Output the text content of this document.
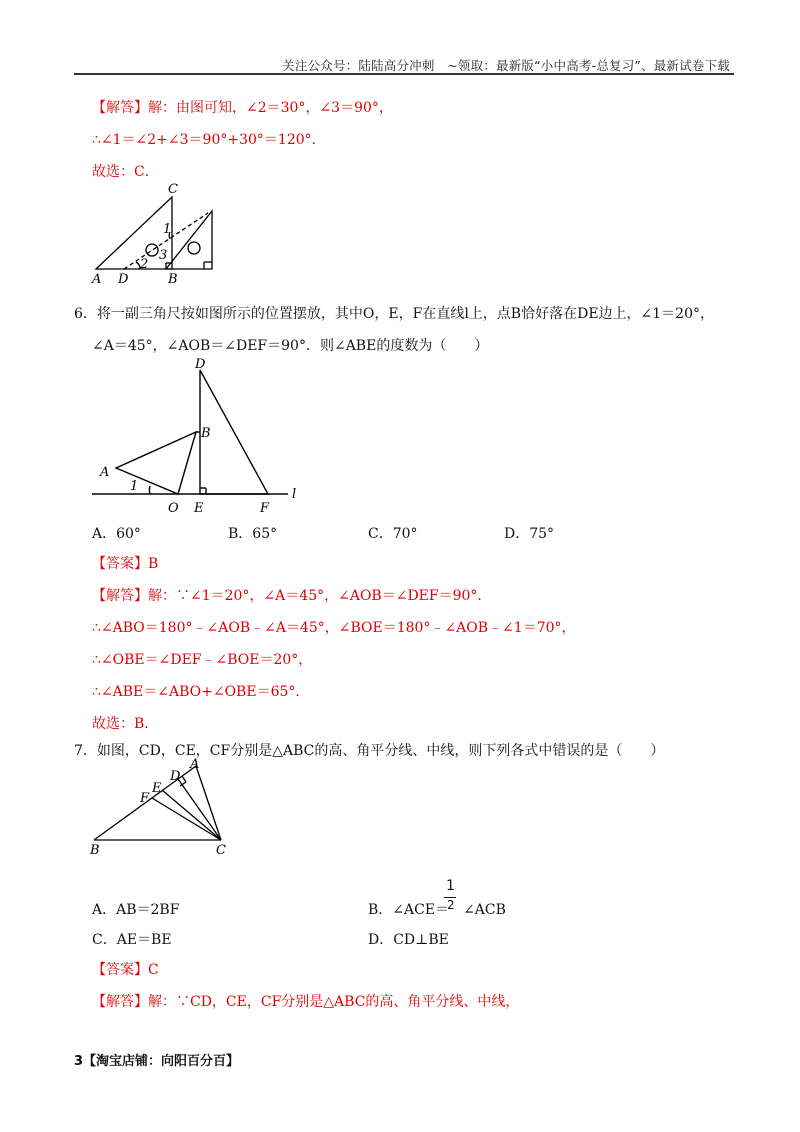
关注公众号：陆陆高分冲刺　~领取：最新版“小中高考-总复习”、最新试卷下载
【解答】解：由图可知，∠2＝30°，∠3＝90°，
∴∠1＝∠2+∠3＝90°+30°＝120°．
故选：C．
C
1
2
3
A D	B
6．将一副三角尺按如图所示的位置摆放，其中O，E，F在直线l上，点B恰好落在DE边上，∠1＝20°，
∠A＝45°，∠AOB＝∠DEF＝90°．则∠ABE的度数为（　　）
D
B
A
1
O E	F
l
A．60°	B．65°	C．70°	D．75°
【答案】B
【解答】解：∵∠1＝20°，∠A＝45°，∠AOB＝∠DEF＝90°．
∴∠ABO＝180°﹣∠AOB﹣∠A＝45°，∠BOE＝180°﹣∠AOB﹣∠1＝70°，
∴∠OBE＝∠DEF﹣∠BOE＝20°，
∴∠ABE＝∠ABO+∠OBE＝65°．
故选：B．
7．如图，CD，CE，CF分别是△ABC的高、角平分线、中线，则下列各式中错误的是（　　）
A
D
E
F
B	C
A．AB＝2BF	B．∠ACE＝ ∠ACB
1
2
C．AE＝BE	D．CD⊥BE
【答案】C
【解答】解：∵CD，CE，CF分别是△ABC的高、角平分线、中线，
3【淘宝店铺：向阳百分百】
